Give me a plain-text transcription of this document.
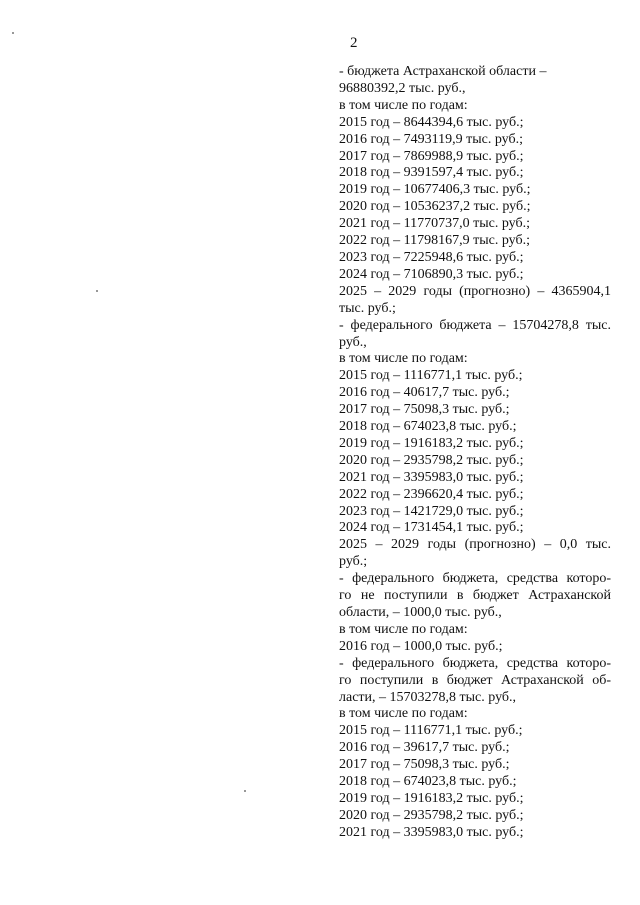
2
- бюджета Астраханской области –
96880392,2 тыс. руб.,
в том числе по годам:
2015 год – 8644394,6 тыс. руб.;
2016 год – 7493119,9 тыс. руб.;
2017 год – 7869988,9 тыс. руб.;
2018 год – 9391597,4 тыс. руб.;
2019 год – 10677406,3 тыс. руб.;
2020 год – 10536237,2 тыс. руб.;
2021 год – 11770737,0 тыс. руб.;
2022 год – 11798167,9 тыс. руб.;
2023 год – 7225948,6 тыс. руб.;
2024 год – 7106890,3 тыс. руб.;
2025 – 2029 годы (прогнозно) – 4365904,1
тыс. руб.;
- федерального бюджета – 15704278,8 тыс.
руб.,
в том числе по годам:
2015 год – 1116771,1 тыс. руб.;
2016 год – 40617,7 тыс. руб.;
2017 год – 75098,3 тыс. руб.;
2018 год – 674023,8 тыс. руб.;
2019 год – 1916183,2 тыс. руб.;
2020 год – 2935798,2 тыс. руб.;
2021 год – 3395983,0 тыс. руб.;
2022 год – 2396620,4 тыс. руб.;
2023 год – 1421729,0 тыс. руб.;
2024 год – 1731454,1 тыс. руб.;
2025 – 2029 годы (прогнозно) – 0,0 тыс.
руб.;
- федерального бюджета, средства которо-
го не поступили в бюджет Астраханской
области, – 1000,0 тыс. руб.,
в том числе по годам:
2016 год – 1000,0 тыс. руб.;
- федерального бюджета, средства которо-
го поступили в бюджет Астраханской об-
ласти, – 15703278,8 тыс. руб.,
в том числе по годам:
2015 год – 1116771,1 тыс. руб.;
2016 год – 39617,7 тыс. руб.;
2017 год – 75098,3 тыс. руб.;
2018 год – 674023,8 тыс. руб.;
2019 год – 1916183,2 тыс. руб.;
2020 год – 2935798,2 тыс. руб.;
2021 год – 3395983,0 тыс. руб.;
